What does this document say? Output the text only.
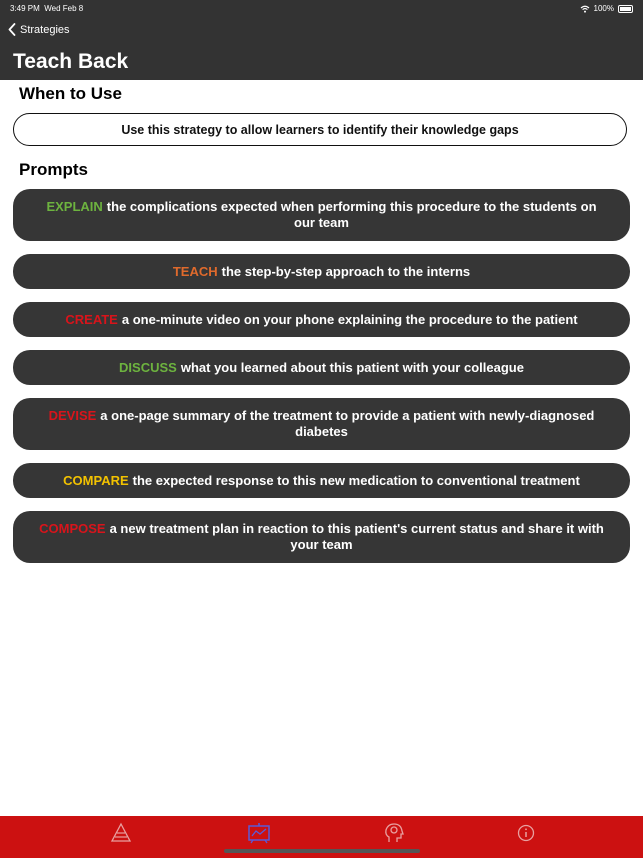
3:49 PM Wed Feb 8	100%
Strategies
Teach Back
When to Use
Use this strategy to allow learners to identify their knowledge gaps
Prompts
EXPLAIN the complications expected when performing this procedure to the students on our team
TEACH the step-by-step approach to the interns
CREATE a one-minute video on your phone explaining the procedure to the patient
DISCUSS what you learned about this patient with your colleague
DEVISE a one-page summary of the treatment to provide a patient with newly-diagnosed diabetes
COMPARE the expected response to this new medication to conventional treatment
COMPOSE a new treatment plan in reaction to this patient's current status and share it with your team
